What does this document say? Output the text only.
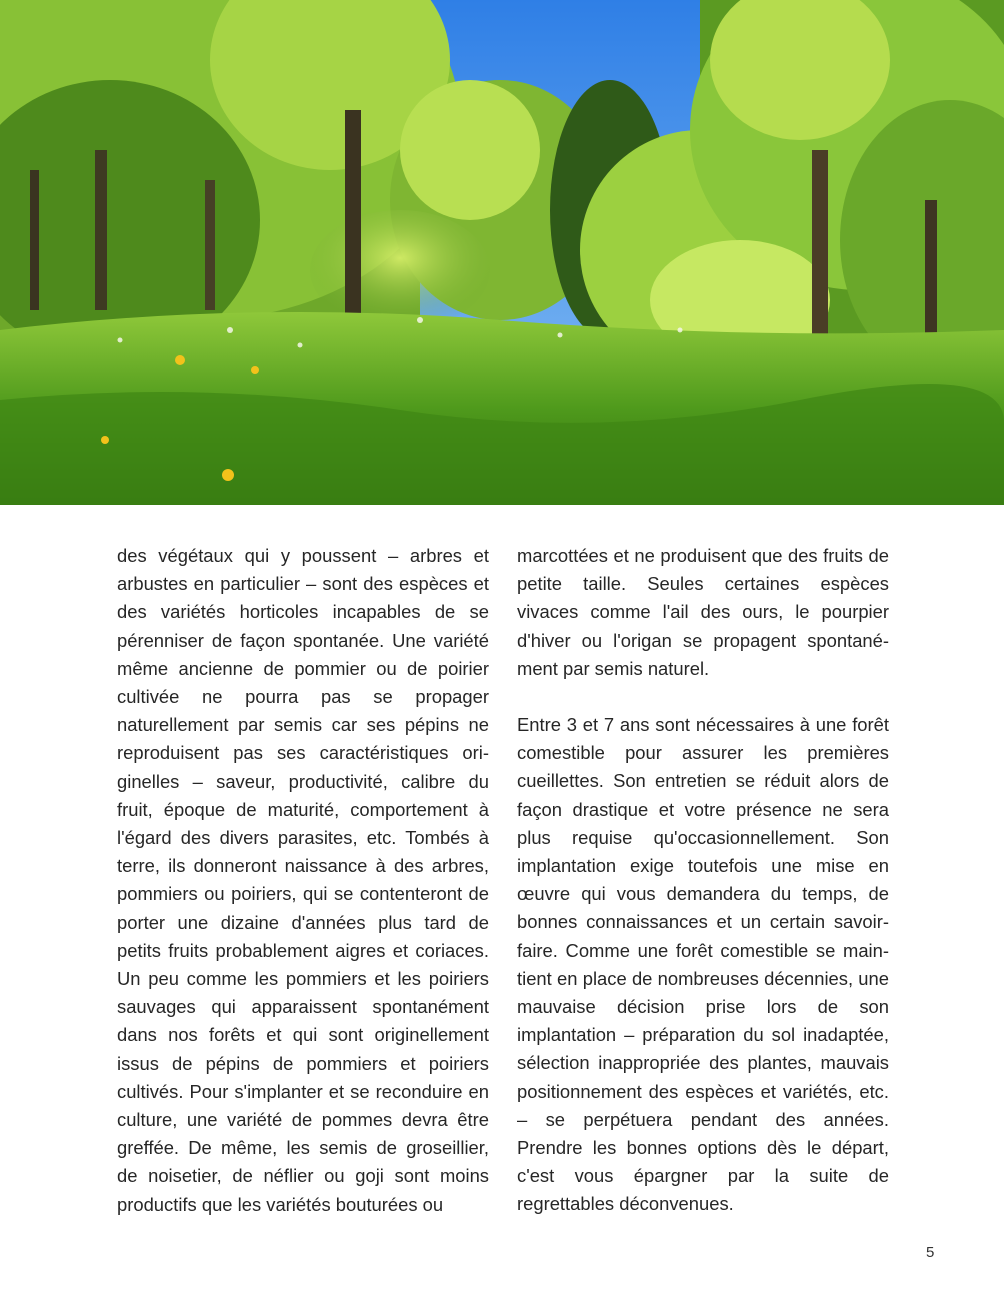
des végétaux qui y poussent – arbres et arbustes en particulier – sont des espèces et des variétés horticoles incapables de se pérenniser de façon spontanée. Une variété même ancienne de pommier ou de poirier cultivée ne pourra pas se propager naturellement par semis car ses pépins ne reproduisent pas ses caractéristiques originelles – saveur, productivité, calibre du fruit, époque de maturité, comportement à l'égard des divers parasites, etc. Tombés à terre, ils donneront naissance à des arbres, pommiers ou poiriers, qui se contenteront de porter une dizaine d'années plus tard de petits fruits probablement aigres et coriaces. Un peu comme les pommiers et les poiriers sauvages qui apparaissent spontanément dans nos forêts et qui sont originellement issus de pépins de pommiers et poiriers cultivés. Pour s'implanter et se reconduire en culture, une variété de pommes devra être greffée. De même, les semis de groseillier, de noisetier, de néflier ou goji sont moins productifs que les variétés bouturées ou

marcottées et ne produisent que des fruits de petite taille. Seules certaines espèces vivaces comme l'ail des ours, le pourpier d'hiver ou l'origan se propagent spontanément par semis naturel.

Entre 3 et 7 ans sont nécessaires à une forêt comestible pour assurer les premières cueillettes. Son entretien se réduit alors de façon drastique et votre présence ne sera plus requise qu'occasionnellement. Son implantation exige toutefois une mise en œuvre qui vous demandera du temps, de bonnes connaissances et un certain savoirfaire. Comme une forêt comestible se maintient en place de nombreuses décennies, une mauvaise décision prise lors de son implantation – préparation du sol inadaptée, sélection inappropriée des plantes, mauvais positionnement des espèces et variétés, etc. – se perpétuera pendant des années. Prendre les bonnes options dès le départ, c'est vous épargner par la suite de regrettables déconvenues.

5
